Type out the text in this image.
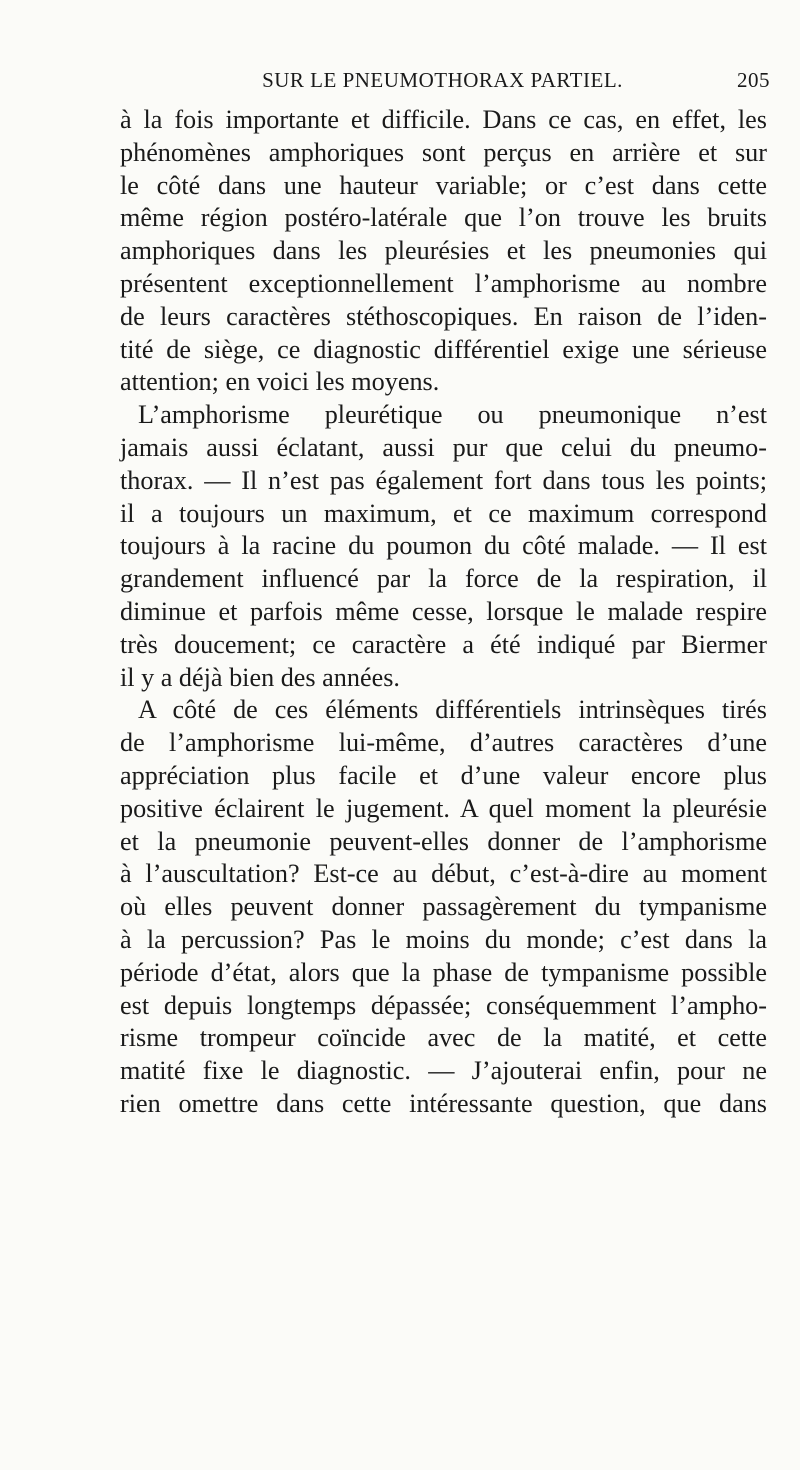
SUR LE PNEUMOTHORAX PARTIEL.	205
à la fois importante et difficile. Dans ce cas, en effet, les
phénomènes amphoriques sont perçus en arrière et sur
le côté dans une hauteur variable; or c’est dans cette
même région postéro-latérale que l’on trouve les bruits
amphoriques dans les pleurésies et les pneumonies qui
présentent exceptionnellement l’amphorisme au nombre
de leurs caractères stéthoscopiques. En raison de l’iden-
tité de siège, ce diagnostic différentiel exige une sérieuse
attention; en voici les moyens.
L’amphorisme pleurétique ou pneumonique n’est
jamais aussi éclatant, aussi pur que celui du pneumo-
thorax. — Il n’est pas également fort dans tous les points;
il a toujours un maximum, et ce maximum correspond
toujours à la racine du poumon du côté malade. — Il est
grandement influencé par la force de la respiration, il
diminue et parfois même cesse, lorsque le malade respire
très doucement; ce caractère a été indiqué par Biermer
il y a déjà bien des années.
A côté de ces éléments différentiels intrinsèques tirés
de l’amphorisme lui-même, d’autres caractères d’une
appréciation plus facile et d’une valeur encore plus
positive éclairent le jugement. A quel moment la pleurésie
et la pneumonie peuvent-elles donner de l’amphorisme
à l’auscultation? Est-ce au début, c’est-à-dire au moment
où elles peuvent donner passagèrement du tympanisme
à la percussion? Pas le moins du monde; c’est dans la
période d’état, alors que la phase de tympanisme possible
est depuis longtemps dépassée; conséquemment l’ampho-
risme trompeur coïncide avec de la matité, et cette
matité fixe le diagnostic. — J’ajouterai enfin, pour ne
rien omettre dans cette intéressante question, que dans
